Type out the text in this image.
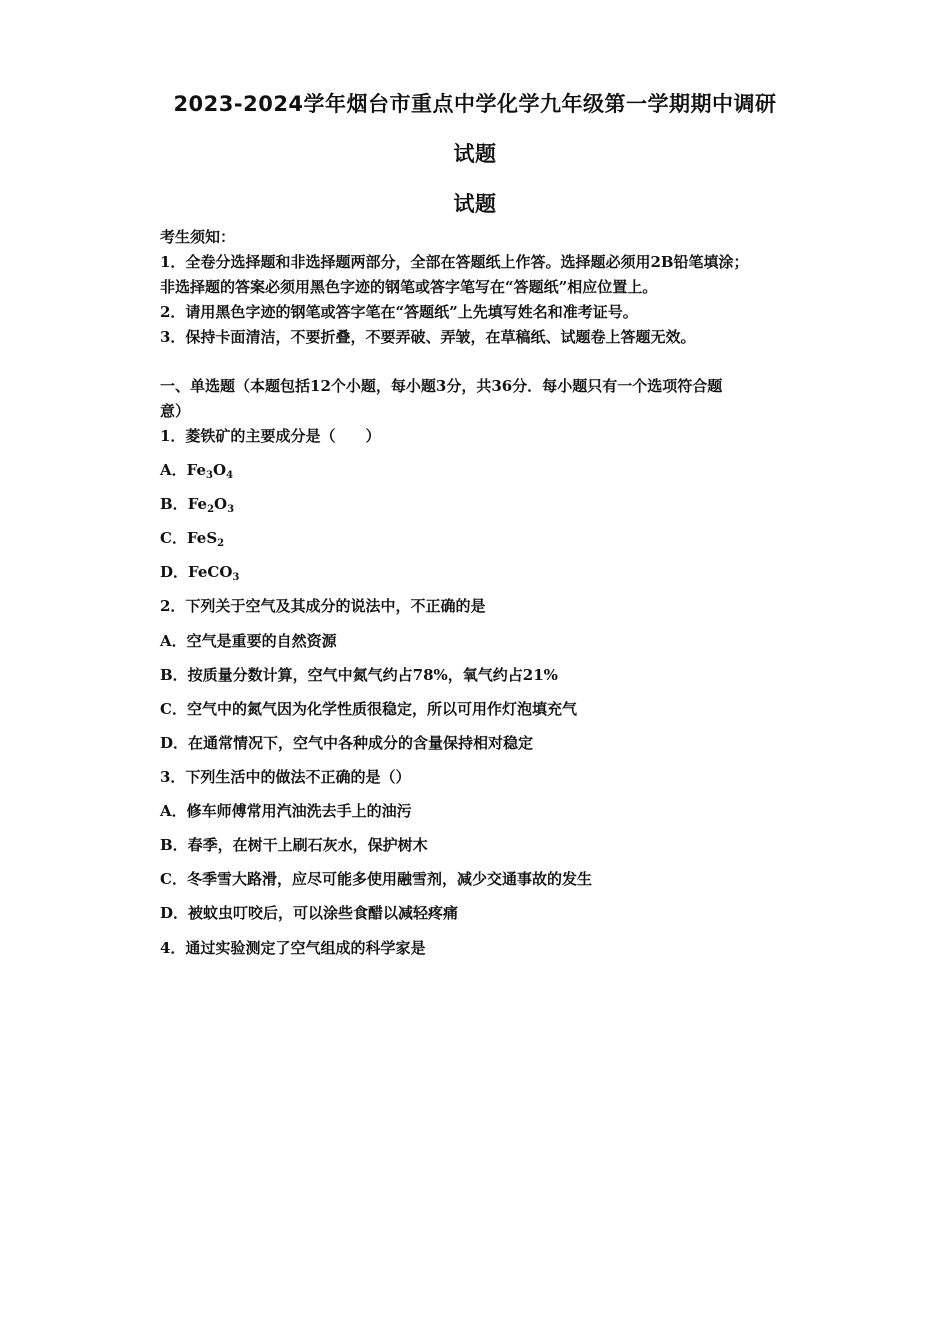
2023-2024学年烟台市重点中学化学九年级第一学期期中调研
试题
试题
考生须知：
1．全卷分选择题和非选择题两部分，全部在答题纸上作答。选择题必须用2B铅笔填涂；
非选择题的答案必须用黑色字迹的钢笔或答字笔写在“答题纸”相应位置上。
2．请用黑色字迹的钢笔或答字笔在“答题纸”上先填写姓名和准考证号。
3．保持卡面清洁，不要折叠，不要弄破、弄皱，在草稿纸、试题卷上答题无效。
一、单选题（本题包括12个小题，每小题3分，共36分．每小题只有一个选项符合题
意）
1．菱铁矿的主要成分是（　　）
A．$Fe_3O_4$
B．$Fe_2O_3$
C．FeS$_2$
D．FeCO$_3$
2．下列关于空气及其成分的说法中，不正确的是
A．空气是重要的自然资源
B．按质量分数计算，空气中氮气约占78%，氧气约占21%
C．空气中的氮气因为化学性质很稳定，所以可用作灯泡填充气
D．在通常情况下，空气中各种成分的含量保持相对稳定
3．下列生活中的做法不正确的是（）
A．修车师傅常用汽油洗去手上的油污
B．春季，在树干上刷石灰水，保护树木
C．冬季雪大路滑，应尽可能多使用融雪剂，减少交通事故的发生
D．被蚊虫叮咬后，可以涂些食醋以减轻疼痛
4．通过实验测定了空气组成的科学家是
